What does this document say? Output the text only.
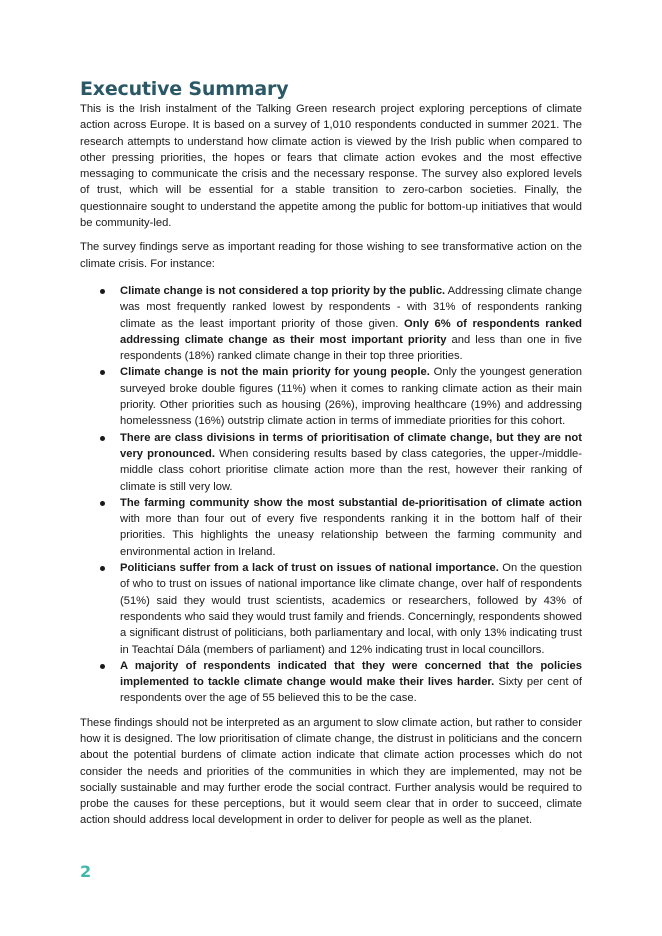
Executive Summary

This is the Irish instalment of the Talking Green research project exploring perceptions of climate action across Europe. It is based on a survey of 1,010 respondents conducted in summer 2021. The research attempts to understand how climate action is viewed by the Irish public when compared to other pressing priorities, the hopes or fears that climate action evokes and the most effective messaging to communicate the crisis and the necessary response. The survey also explored levels of trust, which will be essential for a stable transition to zero-carbon societies. Finally, the questionnaire sought to understand the appetite among the public for bottom-up initiatives that would be community-led.

The survey findings serve as important reading for those wishing to see transformative action on the climate crisis. For instance:

Climate change is not considered a top priority by the public. Addressing climate change was most frequently ranked lowest by respondents - with 31% of respondents ranking climate as the least important priority of those given. Only 6% of respondents ranked addressing climate change as their most important priority and less than one in five respondents (18%) ranked climate change in their top three priorities.
Climate change is not the main priority for young people. Only the youngest generation surveyed broke double figures (11%) when it comes to ranking climate action as their main priority. Other priorities such as housing (26%), improving healthcare (19%) and addressing homelessness (16%) outstrip climate action in terms of immediate priorities for this cohort.
There are class divisions in terms of prioritisation of climate change, but they are not very pronounced. When considering results based by class categories, the upper-/middle-middle class cohort prioritise climate action more than the rest, however their ranking of climate is still very low.
The farming community show the most substantial de-prioritisation of climate action with more than four out of every five respondents ranking it in the bottom half of their priorities. This highlights the uneasy relationship between the farming community and environmental action in Ireland.
Politicians suffer from a lack of trust on issues of national importance. On the question of who to trust on issues of national importance like climate change, over half of respondents (51%) said they would trust scientists, academics or researchers, followed by 43% of respondents who said they would trust family and friends. Concerningly, respondents showed a significant distrust of politicians, both parliamentary and local, with only 13% indicating trust in Teachtaí Dála (members of parliament) and 12% indicating trust in local councillors.
A majority of respondents indicated that they were concerned that the policies implemented to tackle climate change would make their lives harder. Sixty per cent of respondents over the age of 55 believed this to be the case.

These findings should not be interpreted as an argument to slow climate action, but rather to consider how it is designed. The low prioritisation of climate change, the distrust in politicians and the concern about the potential burdens of climate action indicate that climate action processes which do not consider the needs and priorities of the communities in which they are implemented, may not be socially sustainable and may further erode the social contract. Further analysis would be required to probe the causes for these perceptions, but it would seem clear that in order to succeed, climate action should address local development in order to deliver for people as well as the planet.

2
